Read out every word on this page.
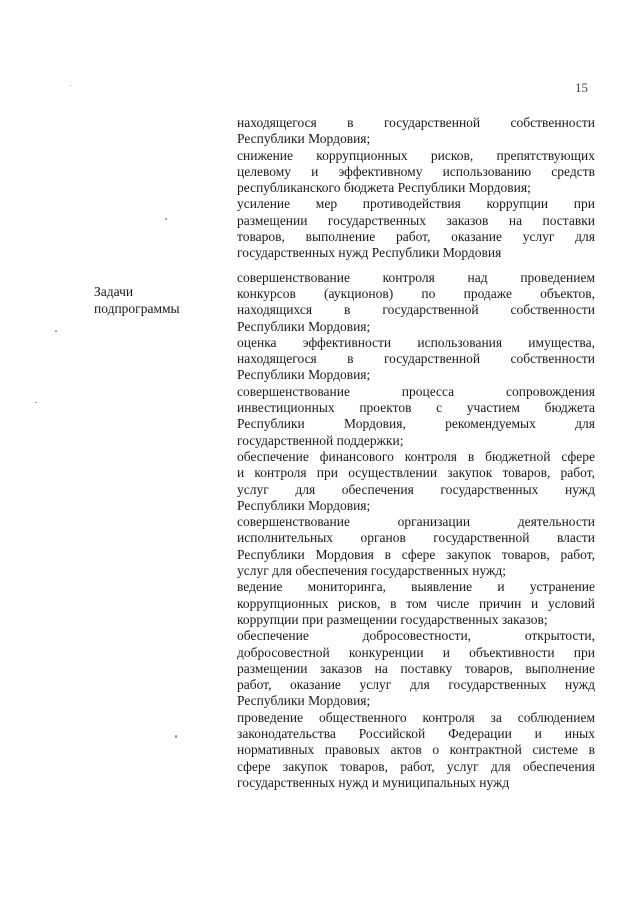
15
Задачи
подпрограммы
находящегося в государственной собственности
Республики Мордовия;
снижение коррупционных рисков, препятствующих
целевому и эффективному использованию средств
республиканского бюджета Республики Мордовия;
усиление мер противодействия коррупции при
размещении государственных заказов на поставки
товаров, выполнение работ, оказание услуг для
государственных нужд Республики Мордовия
совершенствование контроля над проведением
конкурсов (аукционов) по продаже объектов,
находящихся в государственной собственности
Республики Мордовия;
оценка эффективности использования имущества,
находящегося в государственной собственности
Республики Мордовия;
совершенствование процесса сопровождения
инвестиционных проектов с участием бюджета
Республики Мордовия, рекомендуемых для
государственной поддержки;
обеспечение финансового контроля в бюджетной сфере
и контроля при осуществлении закупок товаров, работ,
услуг для обеспечения государственных нужд
Республики Мордовия;
совершенствование организации деятельности
исполнительных органов государственной власти
Республики Мордовия в сфере закупок товаров, работ,
услуг для обеспечения государственных нужд;
ведение мониторинга, выявление и устранение
коррупционных рисков, в том числе причин и условий
коррупции при размещении государственных заказов;
обеспечение добросовестности, открытости,
добросовестной конкуренции и объективности при
размещении заказов на поставку товаров, выполнение
работ, оказание услуг для государственных нужд
Республики Мордовия;
проведение общественного контроля за соблюдением
законодательства Российской Федерации и иных
нормативных правовых актов о контрактной системе в
сфере закупок товаров, работ, услуг для обеспечения
государственных нужд и муниципальных нужд
